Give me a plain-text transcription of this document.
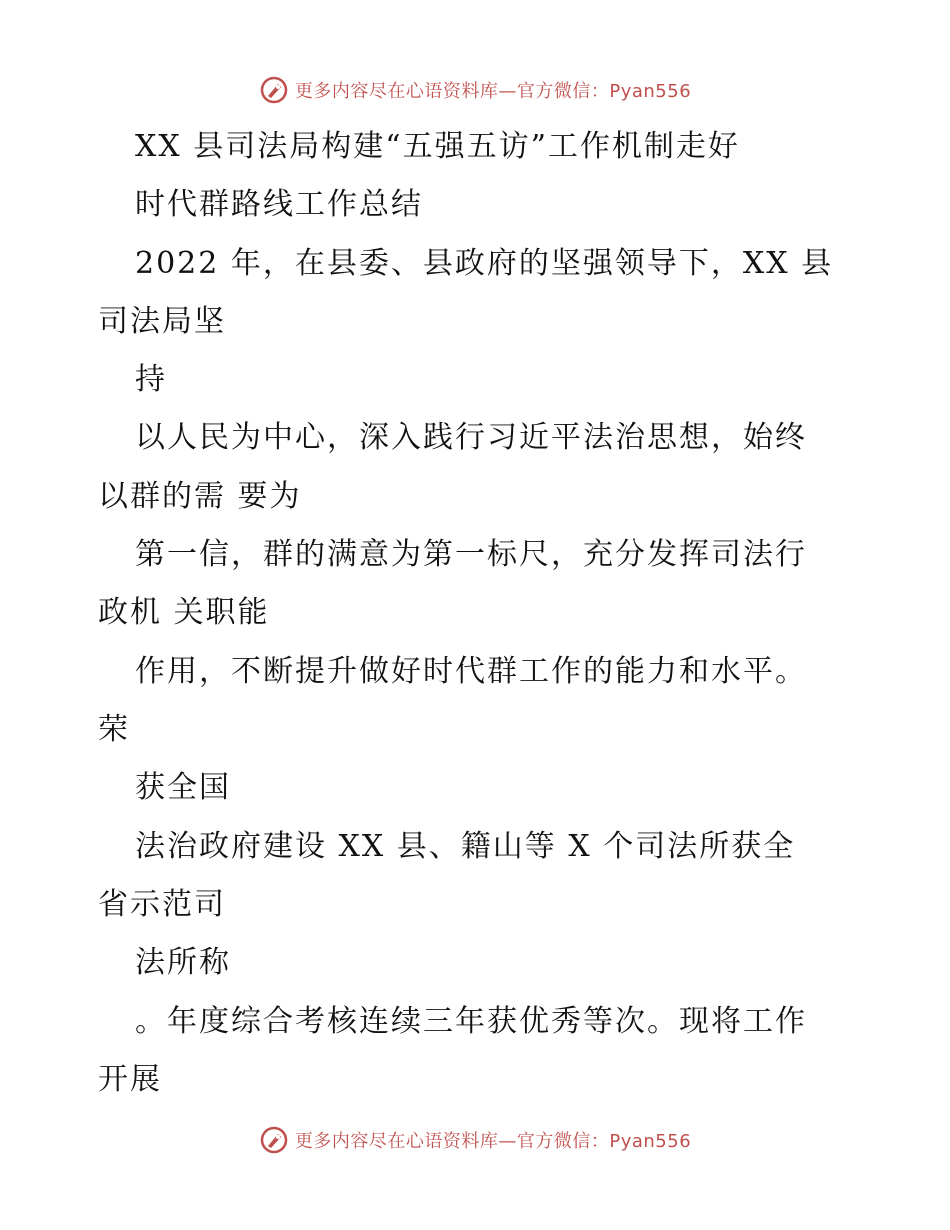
更多内容尽在心语资料库—官方微信：Pyan556
XX 县司法局构建“五强五访”工作机制走好
时代群路线工作总结
2022 年，在县委、县政府的坚强领导下，XX 县
司法局坚
持
以人民为中心，深入践行习近平法治思想，始终
以群的需 要为
第一信，群的满意为第一标尺，充分发挥司法行
政机 关职能
作用，不断提升做好时代群工作的能力和水平。
荣
获全国
法治政府建设 XX 县、籍山等 X 个司法所获全
省示范司
法所称
。年度综合考核连续三年获优秀等次。现将工作
开展
更多内容尽在心语资料库—官方微信：Pyan556
